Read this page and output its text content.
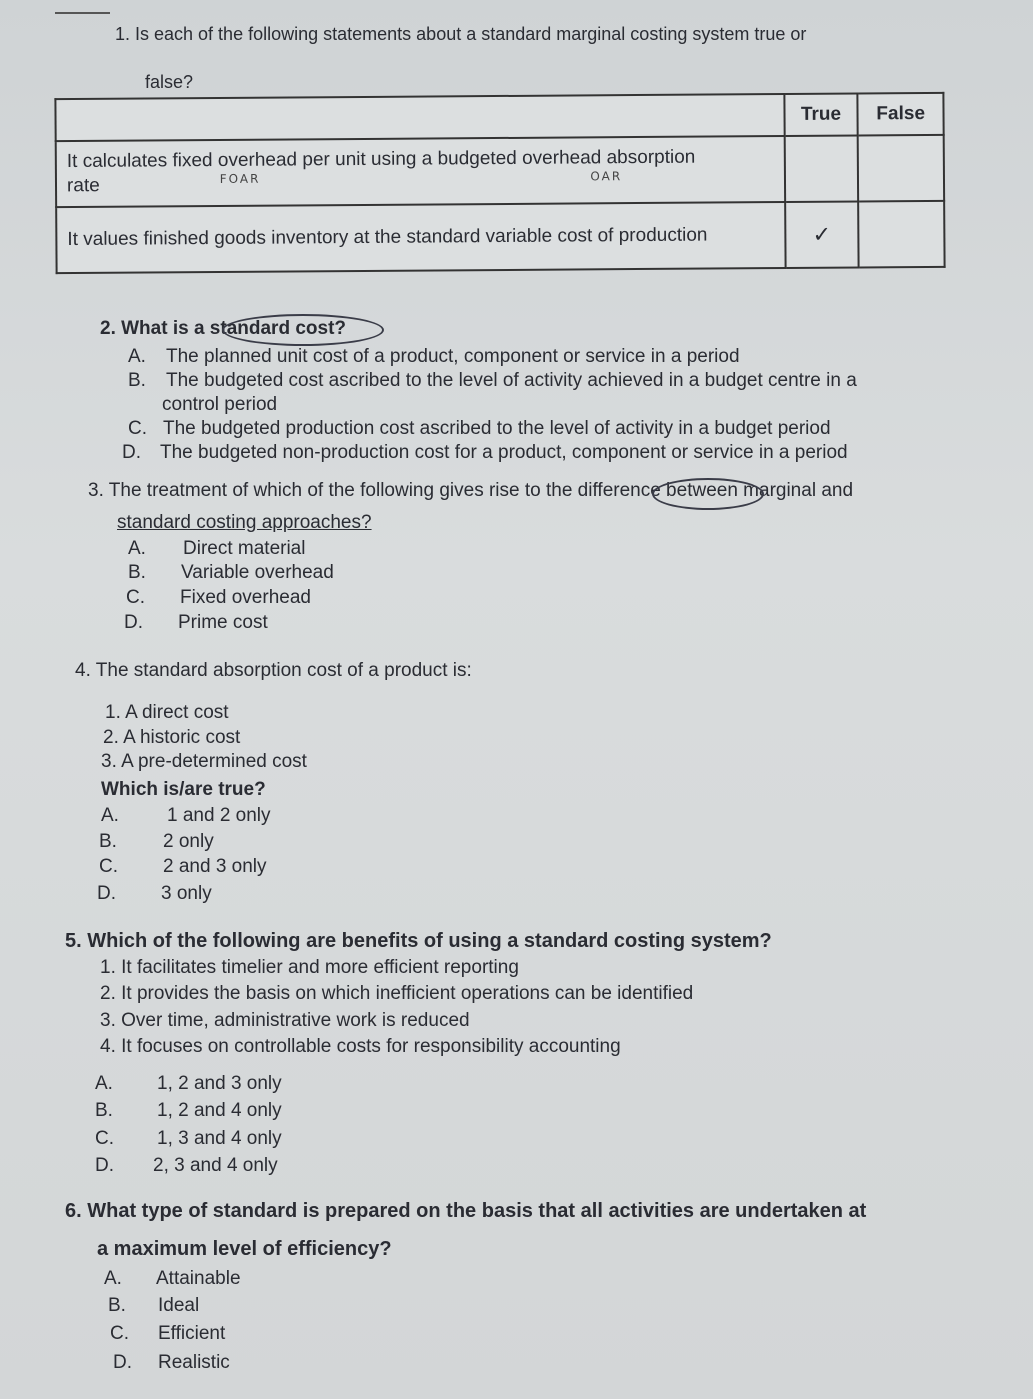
1. Is each of the following statements about a standard marginal costing system true or
false?
	True	False
It calculates fixed overhead per unit using a budgeted overhead absorption rate $^{FOAR}$ $^{OAR}$		
It values finished goods inventory at the standard variable cost of production	✓	
2. What is a standard cost?
A. The planned unit cost of a product, component or service in a period
B. The budgeted cost ascribed to the level of activity achieved in a budget centre in a
control period
C. The budgeted production cost ascribed to the level of activity in a budget period
D. The budgeted non-production cost for a product, component or service in a period
3. The treatment of which of the following gives rise to the difference between marginal and
standard costing approaches?
A. Direct material
B. Variable overhead
C. Fixed overhead
D. Prime cost
4. The standard absorption cost of a product is:
1. A direct cost
2. A historic cost
3. A pre-determined cost
Which is/are true?
A.	1 and 2 only
B. 2 only
C. 2 and 3 only
D. 3 only
5. Which of the following are benefits of using a standard costing system?
1. It facilitates timelier and more efficient reporting
2. It provides the basis on which inefficient operations can be identified
3. Over time, administrative work is reduced
4. It focuses on controllable costs for responsibility accounting
A. 1, 2 and 3 only
B. 1, 2 and 4 only
C. 1, 3 and 4 only
D. 2, 3 and 4 only
6. What type of standard is prepared on the basis that all activities are undertaken at
a maximum level of efficiency?
A. Attainable
B. Ideal
C. Efficient
D. Realistic
